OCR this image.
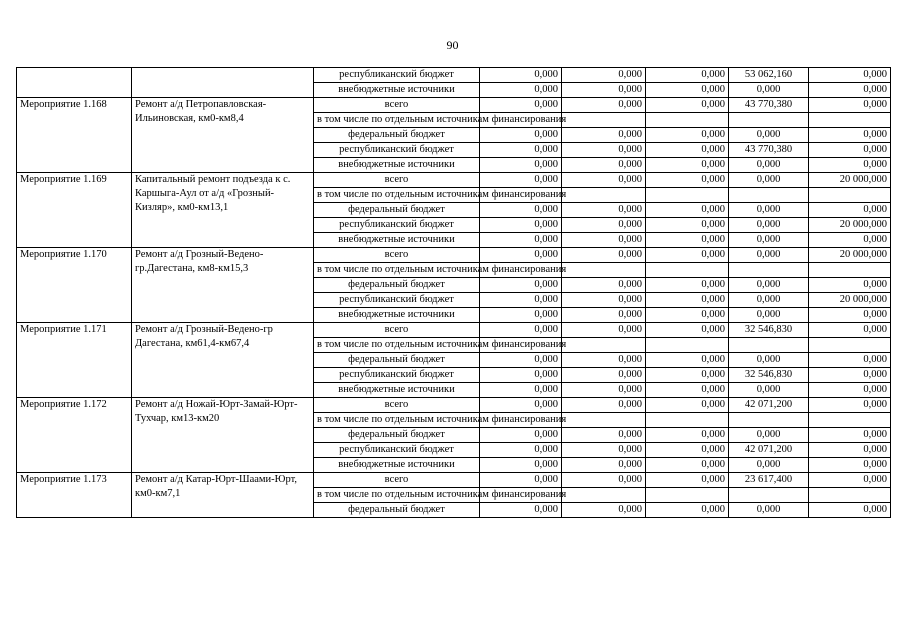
90
		республиканский бюджет	0,000	0,000	0,000	53 062,160	0,000
		внебюджетные источники	0,000	0,000	0,000	0,000	0,000
Мероприятие 1.168	Ремонт а/д Петропавловская-Ильиновская, км0-км8,4	всего	0,000	0,000	0,000	43 770,380	0,000
		в том числе по отдельным источникам финансирования					
		федеральный бюджет	0,000	0,000	0,000	0,000	0,000
		республиканский бюджет	0,000	0,000	0,000	43 770,380	0,000
		внебюджетные источники	0,000	0,000	0,000	0,000	0,000
Мероприятие 1.169	Капитальный ремонт подъезда к с. Каршыга-Аул от а/д «Грозный-Кизляр», км0-км13,1	всего	0,000	0,000	0,000	0,000	20 000,000
		в том числе по отдельным источникам финансирования					
		федеральный бюджет	0,000	0,000	0,000	0,000	0,000
		республиканский бюджет	0,000	0,000	0,000	0,000	20 000,000
		внебюджетные источники	0,000	0,000	0,000	0,000	0,000
Мероприятие 1.170	Ремонт а/д Грозный-Ведено-гр.Дагестана, км8-км15,3	всего	0,000	0,000	0,000	0,000	20 000,000
		в том числе по отдельным источникам финансирования					
		федеральный бюджет	0,000	0,000	0,000	0,000	0,000
		республиканский бюджет	0,000	0,000	0,000	0,000	20 000,000
		внебюджетные источники	0,000	0,000	0,000	0,000	0,000
Мероприятие 1.171	Ремонт а/д Грозный-Ведено-гр Дагестана, км61,4-км67,4	всего	0,000	0,000	0,000	32 546,830	0,000
		в том числе по отдельным источникам финансирования					
		федеральный бюджет	0,000	0,000	0,000	0,000	0,000
		республиканский бюджет	0,000	0,000	0,000	32 546,830	0,000
		внебюджетные источники	0,000	0,000	0,000	0,000	0,000
Мероприятие 1.172	Ремонт а/д Ножай-Юрт-Замай-Юрт-Тухчар, км13-км20	всего	0,000	0,000	0,000	42 071,200	0,000
		в том числе по отдельным источникам финансирования					
		федеральный бюджет	0,000	0,000	0,000	0,000	0,000
		республиканский бюджет	0,000	0,000	0,000	42 071,200	0,000
		внебюджетные источники	0,000	0,000	0,000	0,000	0,000
Мероприятие 1.173	Ремонт а/д Катар-Юрт-Шаами-Юрт, км0-км7,1	всего	0,000	0,000	0,000	23 617,400	0,000
		в том числе по отдельным источникам финансирования					
		федеральный бюджет	0,000	0,000	0,000	0,000	0,000
